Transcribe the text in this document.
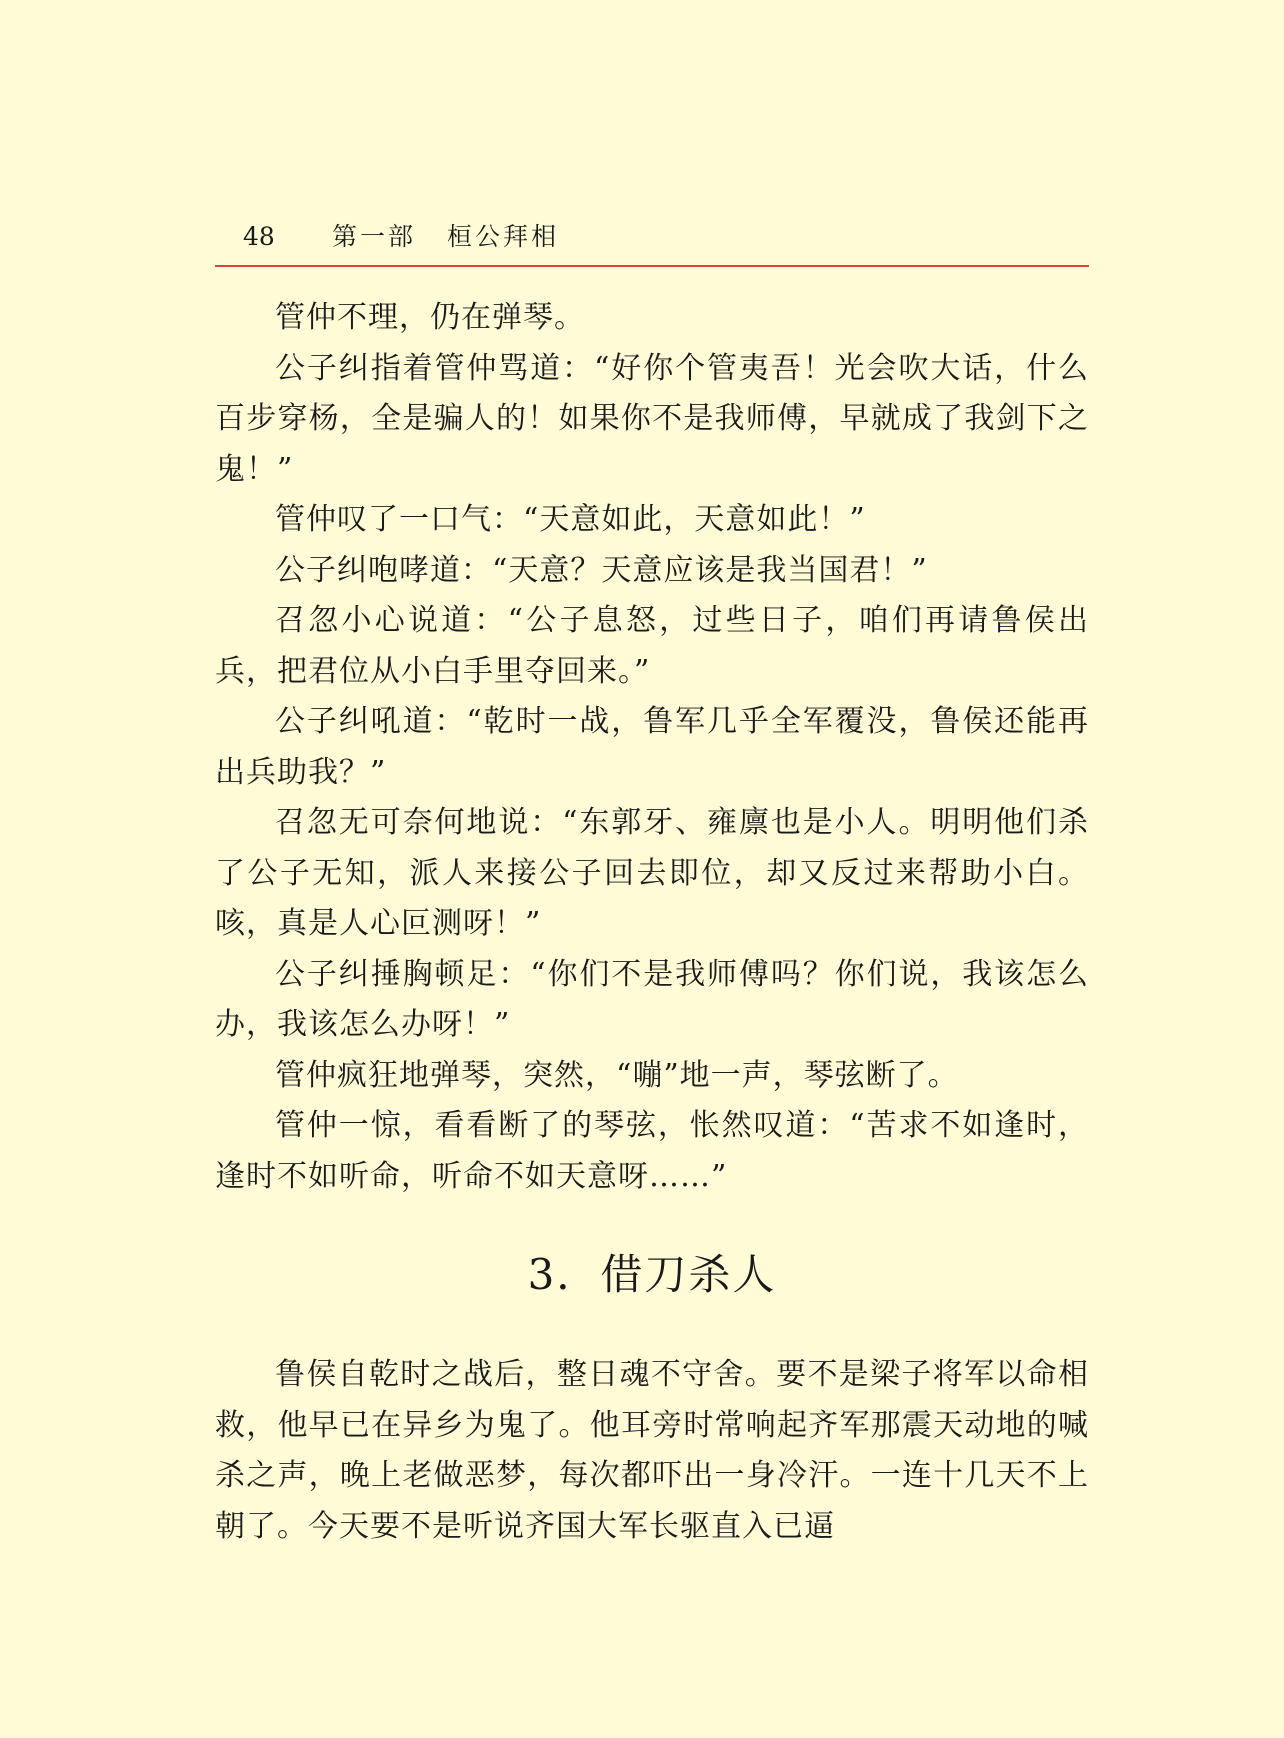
48 第一部 桓公拜相

管仲不理，仍在弹琴。

公子纠指着管仲骂道：“好你个管夷吾！光会吹大话，什么百步穿杨，全是骗人的！如果你不是我师傅，早就成了我剑下之鬼！”

管仲叹了一口气：“天意如此，天意如此！”

公子纠咆哮道：“天意？天意应该是我当国君！”

召忽小心说道：“公子息怒，过些日子，咱们再请鲁侯出兵，把君位从小白手里夺回来。”

公子纠吼道：“乾时一战，鲁军几乎全军覆没，鲁侯还能再出兵助我？”

召忽无可奈何地说：“东郭牙、雍廪也是小人。明明他们杀了公子无知，派人来接公子回去即位，却又反过来帮助小白。咳，真是人心叵测呀！”

公子纠捶胸顿足：“你们不是我师傅吗？你们说，我该怎么办，我该怎么办呀！”

管仲疯狂地弹琴，突然，“嘣”地一声，琴弦断了。

管仲一惊，看看断了的琴弦，怅然叹道：“苦求不如逢时，逢时不如听命，听命不如天意呀……”

3．借刀杀人

鲁侯自乾时之战后，整日魂不守舍。要不是梁子将军以命相救，他早已在异乡为鬼了。他耳旁时常响起齐军那震天动地的喊杀之声，晚上老做恶梦，每次都吓出一身冷汗。一连十几天不上朝了。今天要不是听说齐国大军长驱直入已逼
